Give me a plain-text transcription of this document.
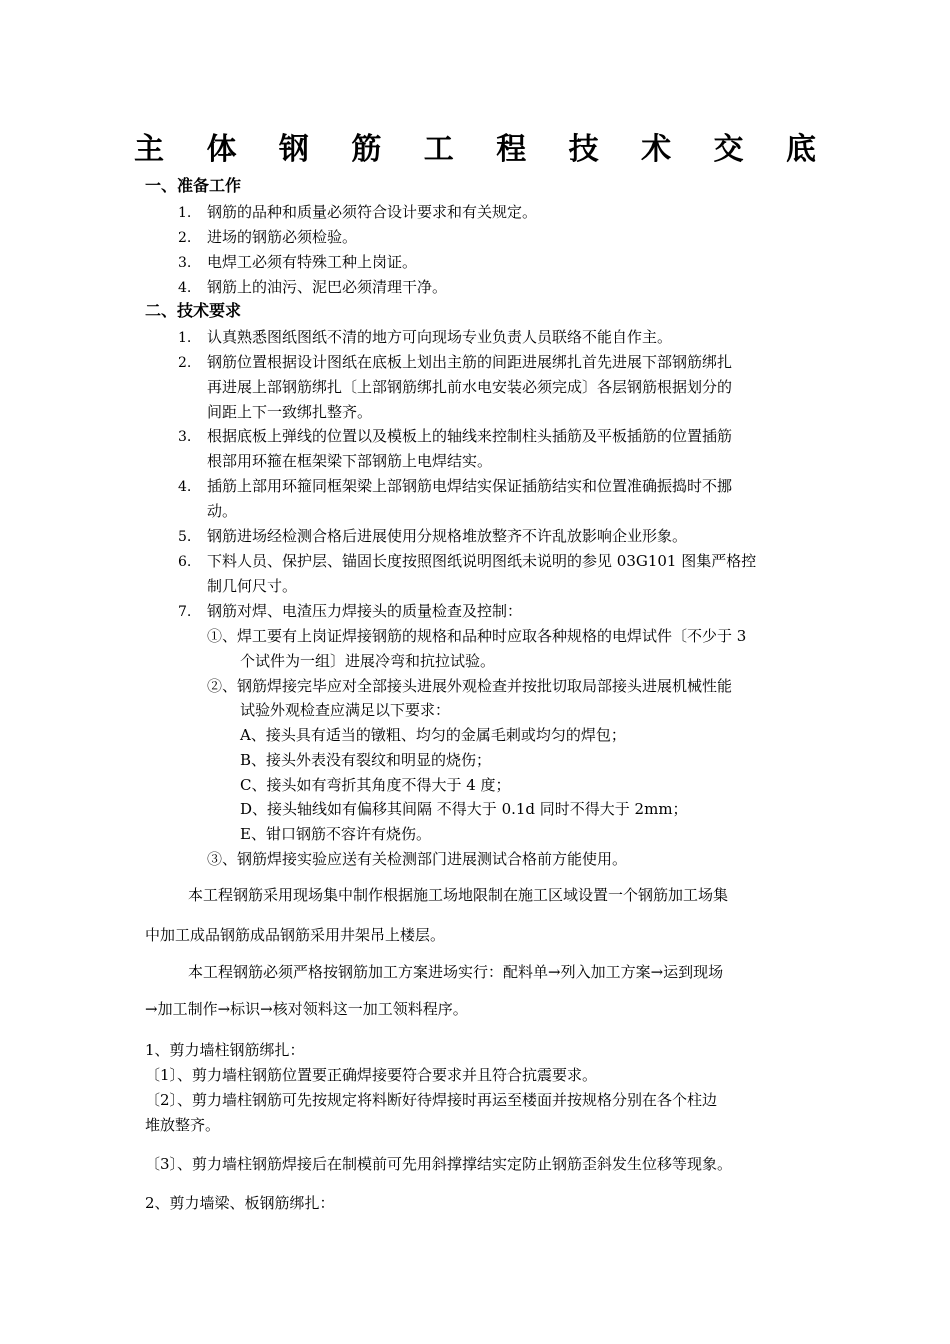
主 体 钢 筋 工 程 技 术 交 底
一、准备工作
1. 钢筋的品种和质量必须符合设计要求和有关规定。
2. 进场的钢筋必须检验。
3. 电焊工必须有特殊工种上岗证。
4. 钢筋上的油污、泥巴必须清理干净。
二、技术要求
1. 认真熟悉图纸图纸不清的地方可向现场专业负责人员联络不能自作主。
2. 钢筋位置根据设计图纸在底板上划出主筋的间距进展绑扎首先进展下部钢筋绑扎
再进展上部钢筋绑扎〔上部钢筋绑扎前水电安装必须完成〕各层钢筋根据划分的
间距上下一致绑扎整齐。
3. 根据底板上弹线的位置以及模板上的轴线来控制柱头插筋及平板插筋的位置插筋
根部用环箍在框架梁下部钢筋上电焊结实。
4. 插筋上部用环箍同框架梁上部钢筋电焊结实保证插筋结实和位置准确振捣时不挪
动。
5. 钢筋进场经检测合格后进展使用分规格堆放整齐不许乱放影响企业形象。
6. 下料人员、保护层、锚固长度按照图纸说明图纸未说明的参见 03G101 图集严格控
制几何尺寸。
7. 钢筋对焊、电渣压力焊接头的质量检查及控制：
①、焊工要有上岗证焊接钢筋的规格和品种时应取各种规格的电焊试件〔不少于 3
个试件为一组〕进展冷弯和抗拉试验。
②、钢筋焊接完毕应对全部接头进展外观检查并按批切取局部接头进展机械性能
试验外观检查应满足以下要求：
A、接头具有适当的镦粗、均匀的金属毛刺或均匀的焊包；
B、接头外表没有裂纹和明显的烧伤；
C、接头如有弯折其角度不得大于 4 度；
D、接头轴线如有偏移其间隔 不得大于 0.1d 同时不得大于 2mm；
E、钳口钢筋不容许有烧伤。
③、钢筋焊接实验应送有关检测部门进展测试合格前方能使用。
本工程钢筋采用现场集中制作根据施工场地限制在施工区域设置一个钢筋加工场集
中加工成品钢筋成品钢筋采用井架吊上楼层。
本工程钢筋必须严格按钢筋加工方案进场实行：配料单→列入加工方案→运到现场
→加工制作→标识→核对领料这一加工领料程序。
1、剪力墙柱钢筋绑扎：
〔1〕、剪力墙柱钢筋位置要正确焊接要符合要求并且符合抗震要求。
〔2〕、剪力墙柱钢筋可先按规定将料断好待焊接时再运至楼面并按规格分别在各个柱边
堆放整齐。
〔3〕、剪力墙柱钢筋焊接后在制模前可先用斜撑撑结实定防止钢筋歪斜发生位移等现象。
2、剪力墙梁、板钢筋绑扎：
